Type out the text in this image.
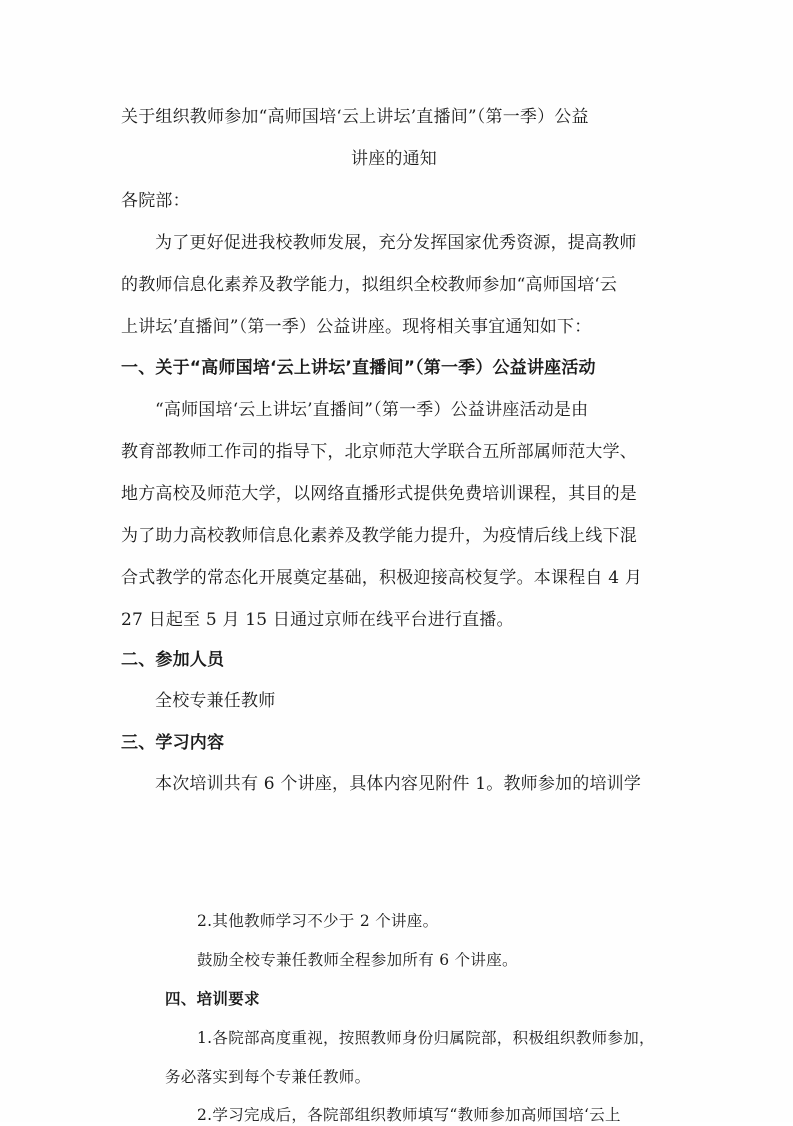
关于组织教师参加“高师国培‘云上讲坛’直播间”（第一季）公益
讲座的通知
各院部：
为了更好促进我校教师发展，充分发挥国家优秀资源，提高教师
的教师信息化素养及教学能力，拟组织全校教师参加“高师国培‘云
上讲坛’直播间”（第一季）公益讲座。现将相关事宜通知如下：
一、关于“高师国培‘云上讲坛’直播间”（第一季）公益讲座活动
“高师国培‘云上讲坛’直播间”（第一季）公益讲座活动是由
教育部教师工作司的指导下，北京师范大学联合五所部属师范大学、
地方高校及师范大学，以网络直播形式提供免费培训课程，其目的是
为了助力高校教师信息化素养及教学能力提升，为疫情后线上线下混
合式教学的常态化开展奠定基础，积极迎接高校复学。本课程自 4 月
27 日起至 5 月 15 日通过京师在线平台进行直播。
二、参加人员
全校专兼任教师
三、学习内容
本次培训共有 6 个讲座，具体内容见附件 1。教师参加的培训学
2.其他教师学习不少于 2 个讲座。
鼓励全校专兼任教师全程参加所有 6 个讲座。
四、培训要求
1.各院部高度重视，按照教师身份归属院部，积极组织教师参加，
务必落实到每个专兼任教师。
2.学习完成后，各院部组织教师填写“教师参加高师国培‘云上
